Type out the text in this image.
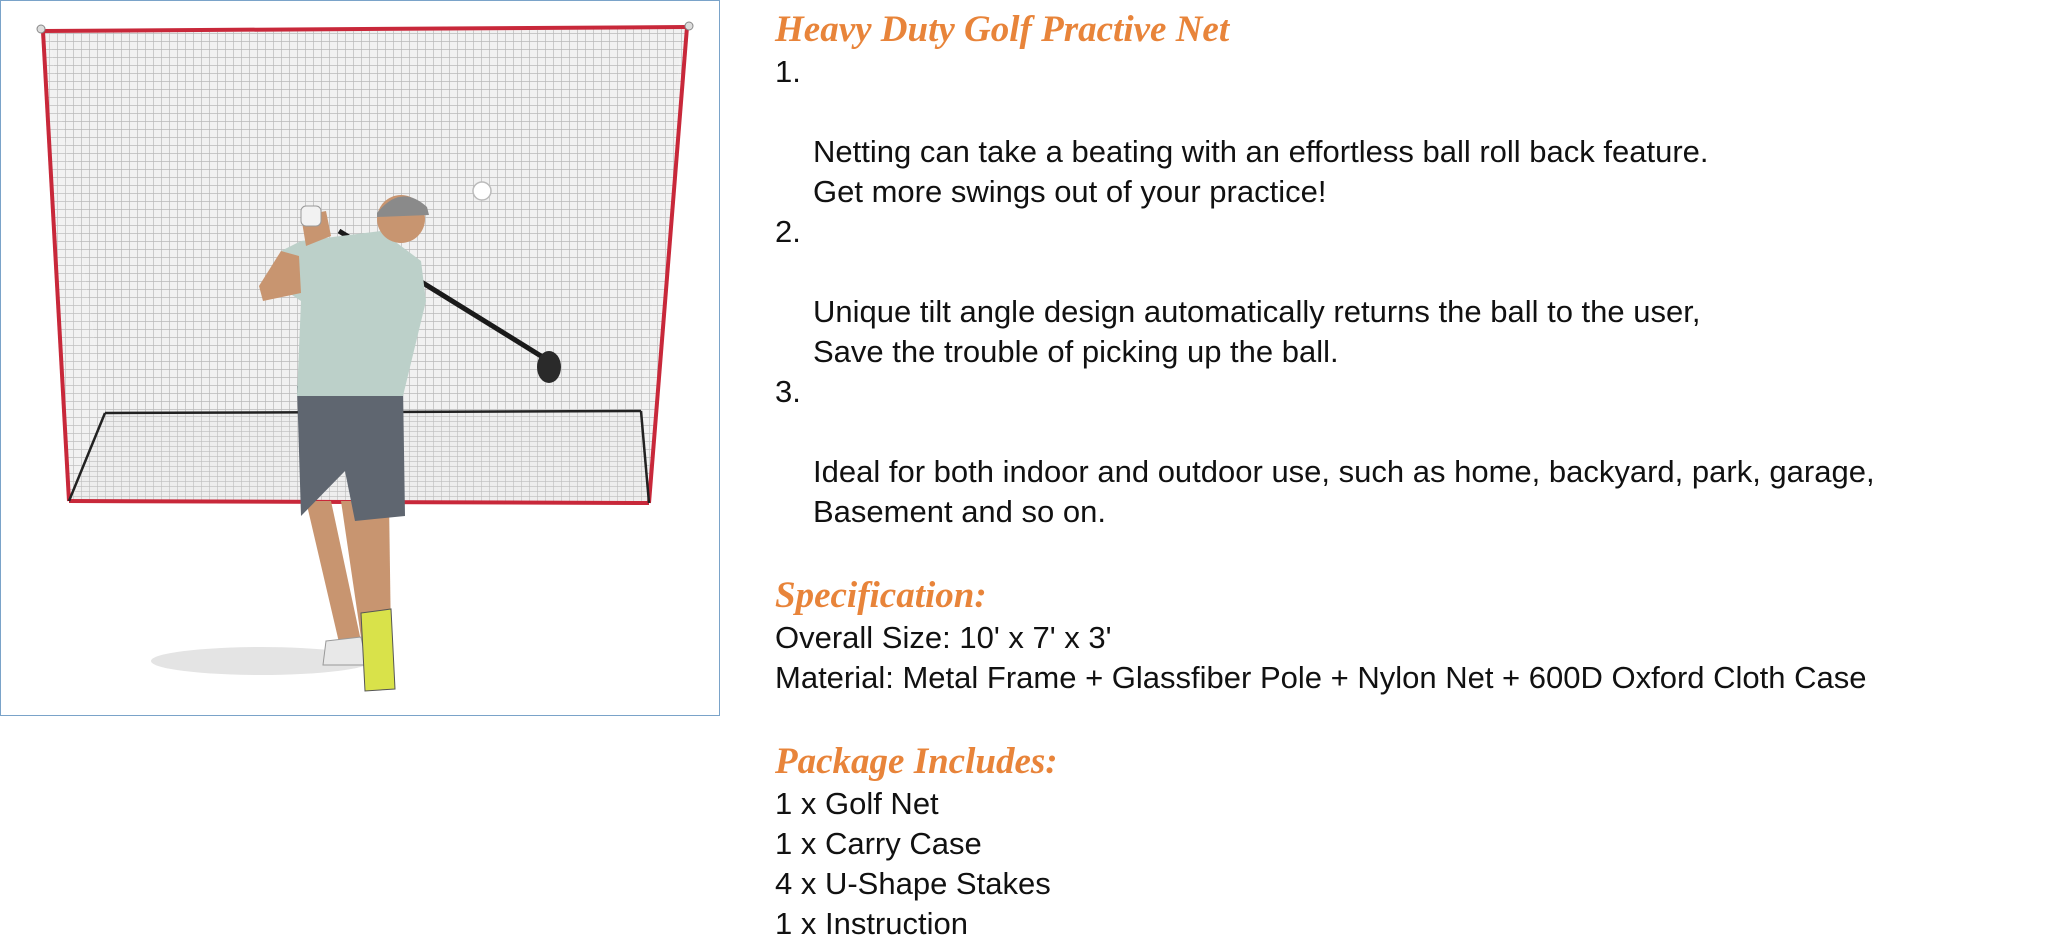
Heavy Duty Golf Practive Net

1.

Netting can take a beating with an effortless ball roll back feature.
Get more swings out of your practice!

2.

Unique tilt angle design automatically returns the ball to the user,
Save the trouble of picking up the ball.

3.

Ideal for both indoor and outdoor use, such as home, backyard, park, garage,
Basement and so on.

Specification:
Overall Size: 10' x 7' x 3'
Material: Metal Frame + Glassfiber Pole + Nylon Net + 600D Oxford Cloth Case
Package Includes:
1 x Golf Net
1 x Carry Case
4 x U-Shape Stakes
1 x Instruction
